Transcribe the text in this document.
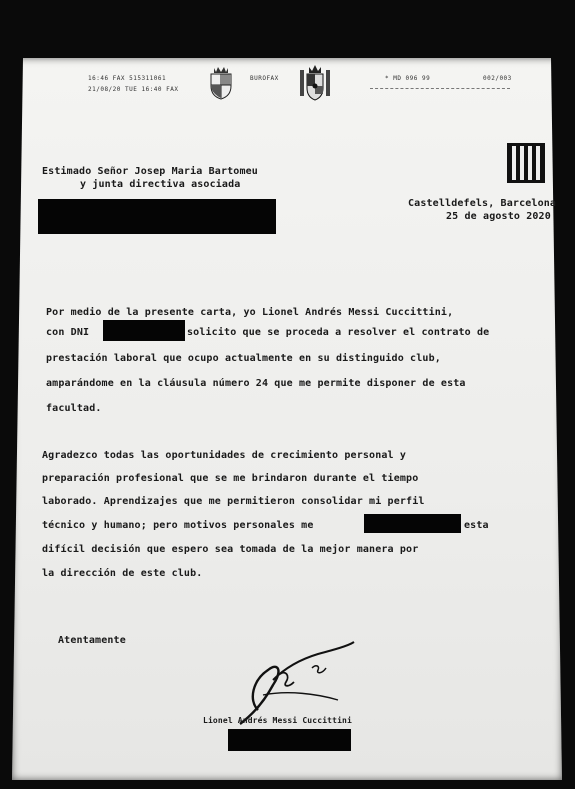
16:46 FAX 515311061
21/08/20 TUE 16:40 FAX
BUROFAX	* MD 096 99	002/003
Estimado Señor Josep Maria Bartomeu
y junta directiva asociada
Castelldefels, Barcelona
25 de agosto 2020
Por medio de la presente carta, yo Lionel Andrés Messi Cuccittini,
con DNI	solicito que se proceda a resolver el contrato de
prestación laboral que ocupo actualmente en su distinguido club,
amparándome en la cláusula número 24 que me permite disponer de esta
facultad.
Agradezco todas las oportunidades de crecimiento personal y
preparación profesional que se me brindaron durante el tiempo
laborado. Aprendizajes que me permitieron consolidar mi perfil
técnico y humano; pero motivos personales me	esta
difícil decisión que espero sea tomada de la mejor manera por
la dirección de este club.
Atentamente
Lionel Andrés Messi Cuccittini
